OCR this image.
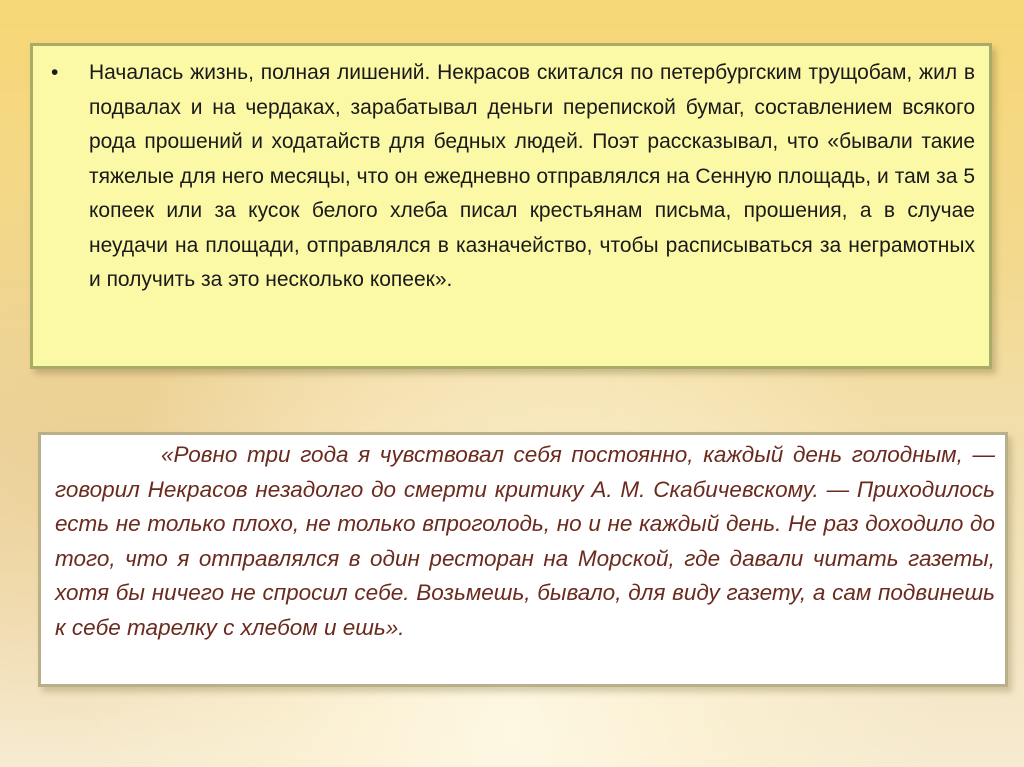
•	Началась жизнь, полная лишений. Некрасов скитался по петербургским трущобам, жил в подвалах и на чердаках, зарабатывал деньги перепиской бумаг, составлением всякого рода прошений и ходатайств для бедных людей. Поэт рассказывал, что «бывали такие тяжелые для него месяцы, что он ежедневно отправлялся на Сенную площадь, и там за 5 копеек или за кусок белого хлеба писал крестьянам письма, прошения, а в случае неудачи на площади, отправлялся в казначейство, чтобы расписываться за неграмотных и получить за это несколько копеек».

«Ровно три года я чувствовал себя постоянно, каждый день голодным, — говорил Некрасов незадолго до смерти критику А. М. Скабичевскому. — Приходилось есть не только плохо, не только впроголодь, но и не каждый день. Не раз доходило до того, что я отправлялся в один ресторан на Морской, где давали читать газеты, хотя бы ничего не спросил себе. Возьмешь, бывало, для виду газету, а сам подвинешь к себе тарелку с хлебом и ешь».
